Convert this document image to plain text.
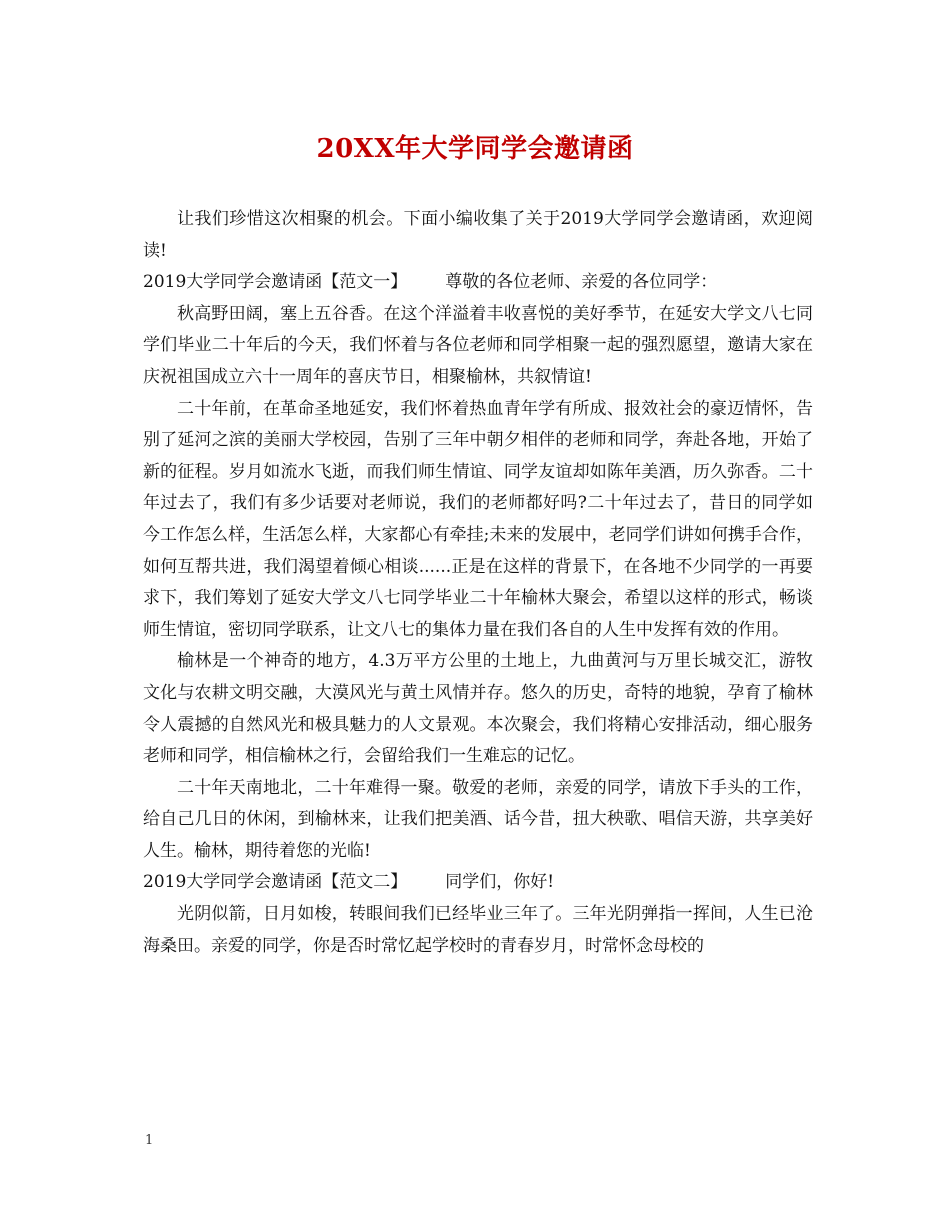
20XX年大学同学会邀请函

让我们珍惜这次相聚的机会。下面小编收集了关于2019大学同学会邀请函，欢迎阅读!

2019大学同学会邀请函【范文一】 尊敬的各位老师、亲爱的各位同学：

秋高野田阔，塞上五谷香。在这个洋溢着丰收喜悦的美好季节，在延安大学文八七同学们毕业二十年后的今天，我们怀着与各位老师和同学相聚一起的强烈愿望，邀请大家在庆祝祖国成立六十一周年的喜庆节日，相聚榆林，共叙情谊!

二十年前，在革命圣地延安，我们怀着热血青年学有所成、报效社会的豪迈情怀，告别了延河之滨的美丽大学校园，告别了三年中朝夕相伴的老师和同学，奔赴各地，开始了新的征程。岁月如流水飞逝，而我们师生情谊、同学友谊却如陈年美酒，历久弥香。二十年过去了，我们有多少话要对老师说，我们的老师都好吗?二十年过去了，昔日的同学如今工作怎么样，生活怎么样，大家都心有牵挂;未来的发展中，老同学们讲如何携手合作，如何互帮共进，我们渴望着倾心相谈......正是在这样的背景下，在各地不少同学的一再要求下，我们筹划了延安大学文八七同学毕业二十年榆林大聚会，希望以这样的形式，畅谈师生情谊，密切同学联系，让文八七的集体力量在我们各自的人生中发挥有效的作用。

榆林是一个神奇的地方，4.3万平方公里的土地上，九曲黄河与万里长城交汇，游牧文化与农耕文明交融，大漠风光与黄土风情并存。悠久的历史，奇特的地貌，孕育了榆林令人震撼的自然风光和极具魅力的人文景观。本次聚会，我们将精心安排活动，细心服务老师和同学，相信榆林之行，会留给我们一生难忘的记忆。

二十年天南地北，二十年难得一聚。敬爱的老师，亲爱的同学，请放下手头的工作，给自己几日的休闲，到榆林来，让我们把美酒、话今昔，扭大秧歌、唱信天游，共享美好人生。榆林，期待着您的光临!

2019大学同学会邀请函【范文二】 同学们，你好!

光阴似箭，日月如梭，转眼间我们已经毕业三年了。三年光阴弹指一挥间，人生已沧海桑田。亲爱的同学，你是否时常忆起学校时的青春岁月，时常怀念母校的

1
